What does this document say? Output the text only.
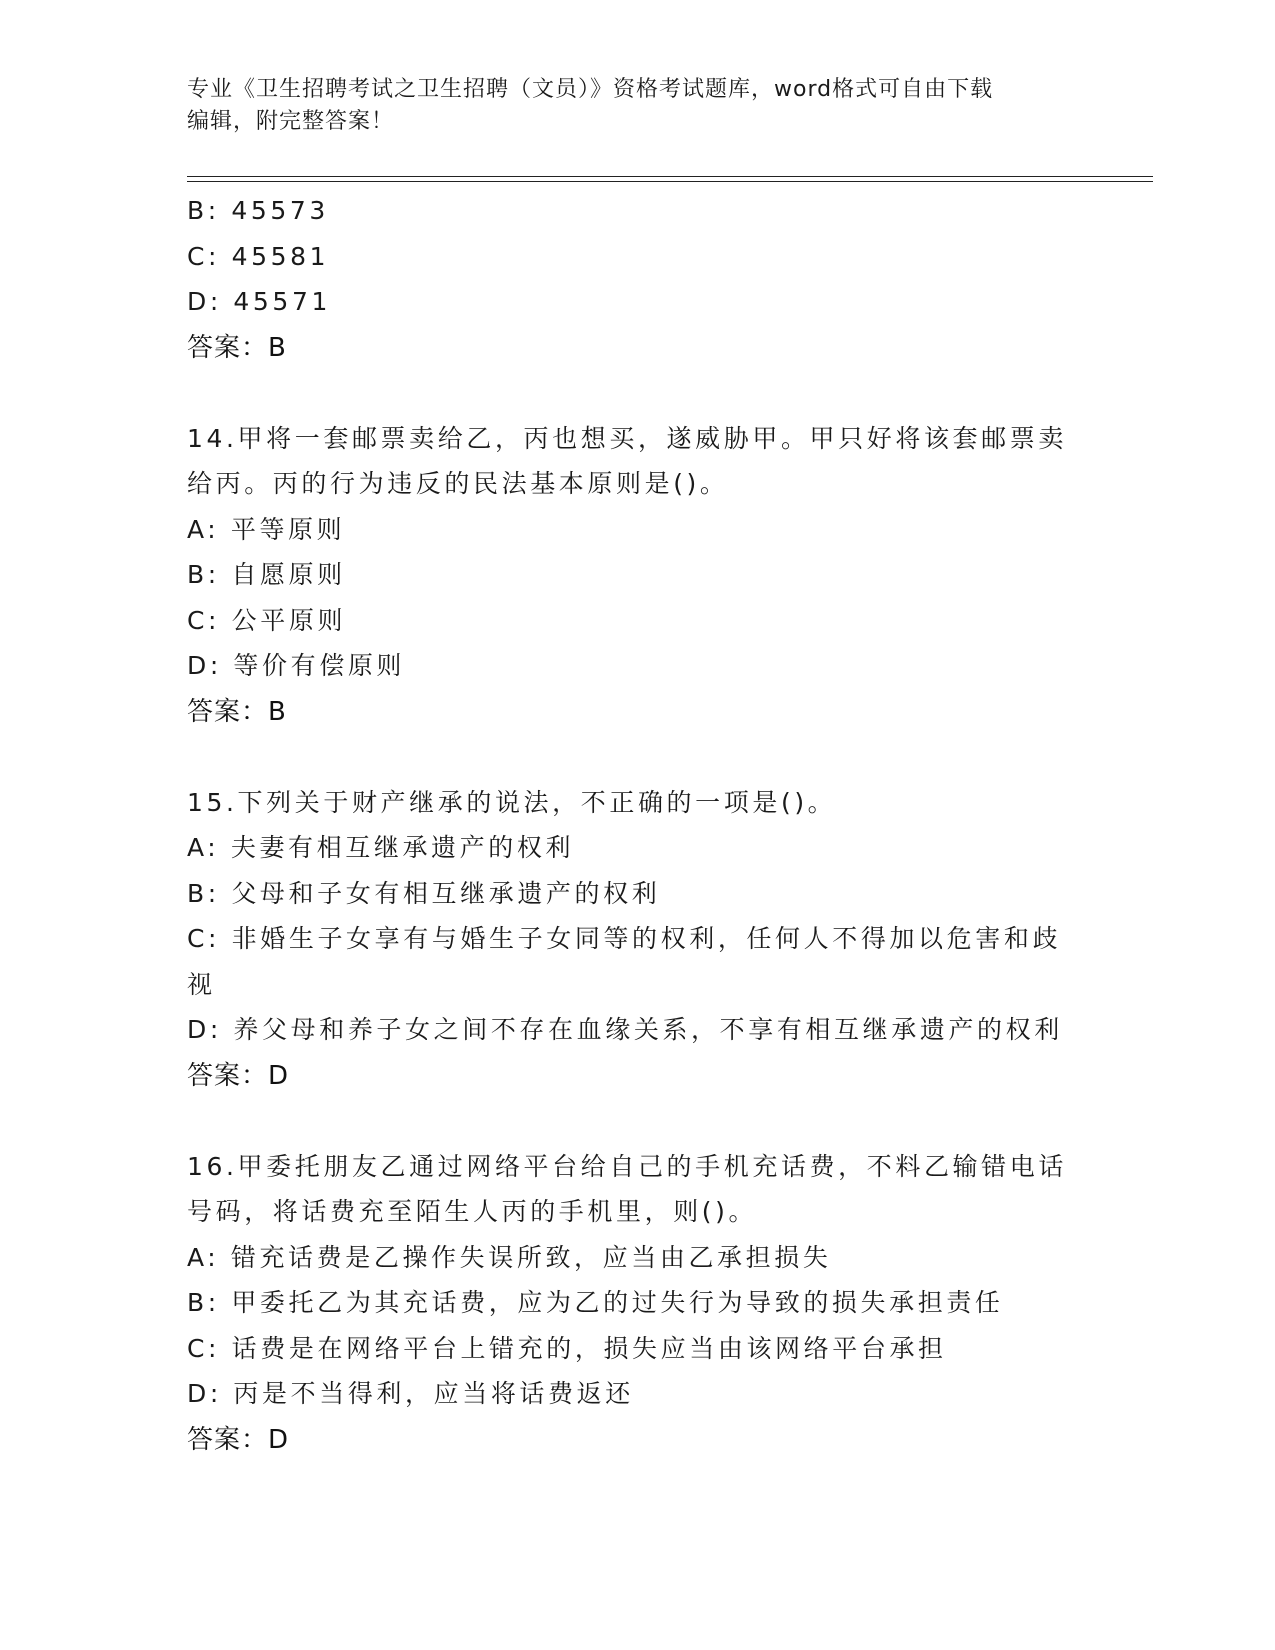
专业《卫生招聘考试之卫生招聘（文员）》资格考试题库，word格式可自由下载
编辑，附完整答案！
B: 45573
C: 45581
D: 45571
答案：B
14.甲将一套邮票卖给乙，丙也想买，遂威胁甲。甲只好将该套邮票卖
给丙。丙的行为违反的民法基本原则是()。
A: 平等原则
B: 自愿原则
C: 公平原则
D: 等价有偿原则
答案：B
15.下列关于财产继承的说法，不正确的一项是()。
A: 夫妻有相互继承遗产的权利
B: 父母和子女有相互继承遗产的权利
C: 非婚生子女享有与婚生子女同等的权利，任何人不得加以危害和歧
视
D: 养父母和养子女之间不存在血缘关系，不享有相互继承遗产的权利
答案：D
16.甲委托朋友乙通过网络平台给自己的手机充话费，不料乙输错电话
号码，将话费充至陌生人丙的手机里，则()。
A: 错充话费是乙操作失误所致，应当由乙承担损失
B: 甲委托乙为其充话费，应为乙的过失行为导致的损失承担责任
C: 话费是在网络平台上错充的，损失应当由该网络平台承担
D: 丙是不当得利，应当将话费返还
答案：D
